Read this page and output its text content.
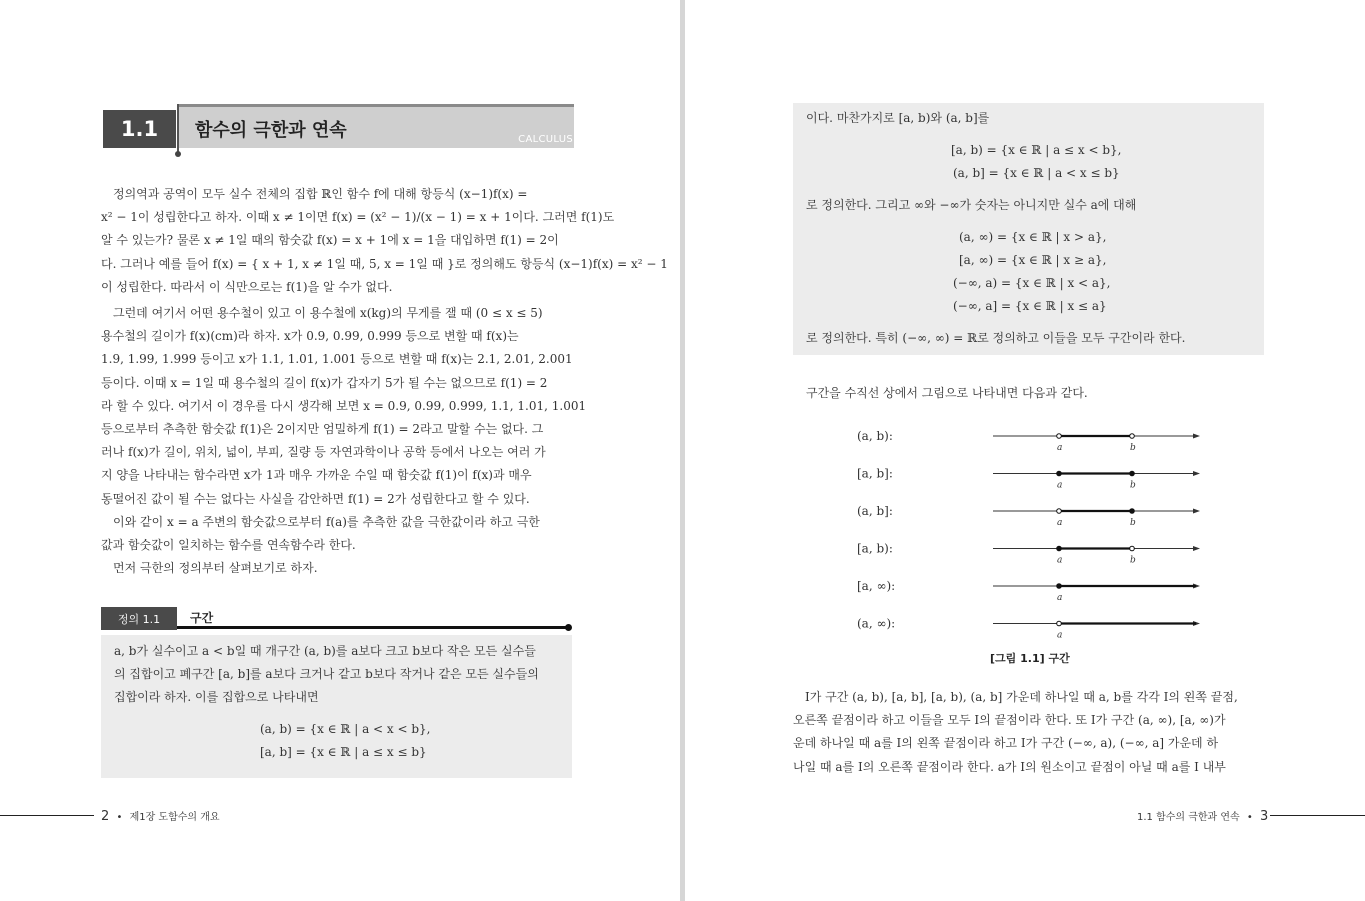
1.1	함수의 극한과 연속	CALCULUS
정의역과 공역이 모두 실수 전체의 집합 ℝ인 함수 f에 대해 항등식 (x−1)f(x) =
x² − 1이 성립한다고 하자. 이때 x ≠ 1이면 f(x) = (x² − 1)/(x − 1) = x + 1이다. 그러면 f(1)도
알 수 있는가? 물론 x ≠ 1일 때의 함숫값 f(x) = x + 1에 x = 1을 대입하면 f(1) = 2이
다. 그러나 예를 들어 f(x) = { x + 1, x ≠ 1일 때, 5, x = 1일 때 }로 정의해도 항등식 (x−1)f(x) = x² − 1
이 성립한다. 따라서 이 식만으로는 f(1)을 알 수가 없다.
그런데 여기서 어떤 용수철이 있고 이 용수철에 x(kg)의 무게를 잴 때 (0 ≤ x ≤ 5)
용수철의 길이가 f(x)(cm)라 하자. x가 0.9, 0.99, 0.999 등으로 변할 때 f(x)는
1.9, 1.99, 1.999 등이고 x가 1.1, 1.01, 1.001 등으로 변할 때 f(x)는 2.1, 2.01, 2.001
등이다. 이때 x = 1일 때 용수철의 길이 f(x)가 갑자기 5가 될 수는 없으므로 f(1) = 2
라 할 수 있다. 여기서 이 경우를 다시 생각해 보면 x = 0.9, 0.99, 0.999, 1.1, 1.01, 1.001
등으로부터 추측한 함숫값 f(1)은 2이지만 엄밀하게 f(1) = 2라고 말할 수는 없다. 그
러나 f(x)가 길이, 위치, 넓이, 부피, 질량 등 자연과학이나 공학 등에서 나오는 여러 가
지 양을 나타내는 함수라면 x가 1과 매우 가까운 수일 때 함숫값 f(1)이 f(x)과 매우
동떨어진 값이 될 수는 없다는 사실을 감안하면 f(1) = 2가 성립한다고 할 수 있다.
이와 같이 x = a 주변의 함숫값으로부터 f(a)를 추측한 값을 극한값이라 하고 극한
값과 함숫값이 일치하는 함수를 연속함수라 한다.
먼저 극한의 정의부터 살펴보기로 하자.
정의 1.1	구간
a, b가 실수이고 a < b일 때 개구간 (a, b)를 a보다 크고 b보다 작은 모든 실수들
의 집합이고 폐구간 [a, b]를 a보다 크거나 같고 b보다 작거나 같은 모든 실수들의
집합이라 하자. 이를 집합으로 나타내면
(a, b) = {x ∈ ℝ | a < x < b},
[a, b] = {x ∈ ℝ | a ≤ x ≤ b}
2 • 제1장 도함수의 개요
이다. 마찬가지로 [a, b)와 (a, b]를
[a, b) = {x ∈ ℝ | a ≤ x < b},
(a, b] = {x ∈ ℝ | a < x ≤ b}
로 정의한다. 그리고 ∞와 −∞가 숫자는 아니지만 실수 a에 대해
(a, ∞) = {x ∈ ℝ | x > a},
[a, ∞) = {x ∈ ℝ | x ≥ a},
(−∞, a) = {x ∈ ℝ | x < a},
(−∞, a] = {x ∈ ℝ | x ≤ a}
로 정의한다. 특히 (−∞, ∞) = ℝ로 정의하고 이들을 모두 구간이라 한다.
구간을 수직선 상에서 그림으로 나타내면 다음과 같다.
(a, b):
a	b
[a, b]:
a	b
(a, b]:
a	b
[a, b):
a	b
[a, ∞):
a
(a, ∞):
a
[그림 1.1] 구간
I가 구간 (a, b), [a, b], [a, b), (a, b] 가운데 하나일 때 a, b를 각각 I의 왼쪽 끝점,
오른쪽 끝점이라 하고 이들을 모두 I의 끝점이라 한다. 또 I가 구간 (a, ∞), [a, ∞)가
운데 하나일 때 a를 I의 왼쪽 끝점이라 하고 I가 구간 (−∞, a), (−∞, a] 가운데 하
나일 때 a를 I의 오른쪽 끝점이라 한다. a가 I의 원소이고 끝점이 아닐 때 a를 I 내부
1.1 함수의 극한과 연속 • 3
